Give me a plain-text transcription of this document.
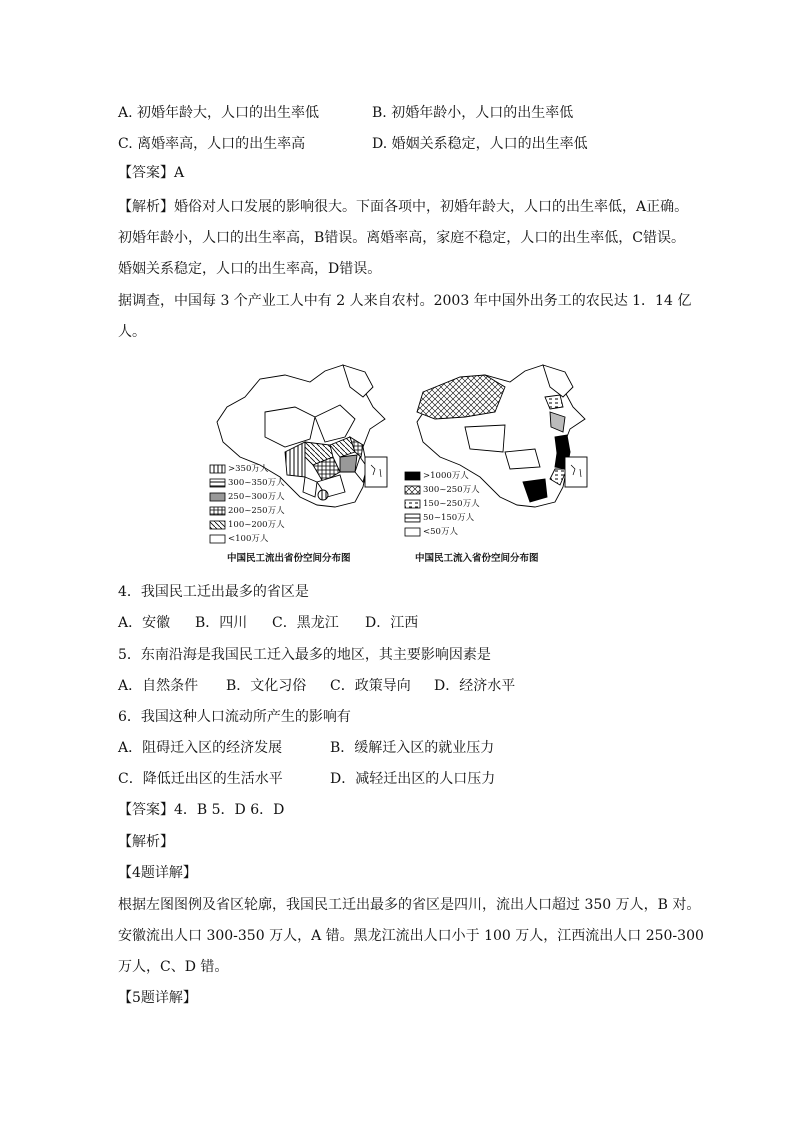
A. 初婚年龄大，人口的出生率低	B. 初婚年龄小，人口的出生率低
C. 离婚率高，人口的出生率高	D. 婚姻关系稳定，人口的出生率低
【答案】A
【解析】婚俗对人口发展的影响很大。下面各项中，初婚年龄大，人口的出生率低，A正确。
初婚年龄小，人口的出生率高，B错误。离婚率高，家庭不稳定，人口的出生率低，C错误。
婚姻关系稳定，人口的出生率高，D错误。
据调查，中国每 3 个产业工人中有 2 人来自农村。2003 年中国外出务工的农民达 1．14 亿
人。
>350万人
300~350万人
250~300万人
200~250万人
100~200万人
<100万人
>1000万人
300~250万人
150~250万人
50~150万人
<50万人
中国民工流出省份空间分布图	中国民工流入省份空间分布图
4．我国民工迁出最多的省区是
A．安徽 B．四川 C．黑龙江 D．江西
5．东南沿海是我国民工迁入最多的地区，其主要影响因素是
A．自然条件 B．文化习俗 C．政策导向 D．经济水平
6．我国这种人口流动所产生的影响有
A．阻碍迁入区的经济发展	B．缓解迁入区的就业压力
C．降低迁出区的生活水平	D．减轻迁出区的人口压力
【答案】4．B 5．D 6．D
【解析】
【4题详解】
根据左图图例及省区轮廓，我国民工迁出最多的省区是四川，流出人口超过 350 万人，B 对。
安徽流出人口 300-350 万人，A 错。黑龙江流出人口小于 100 万人，江西流出人口 250-300
万人，C、D 错。
【5题详解】
